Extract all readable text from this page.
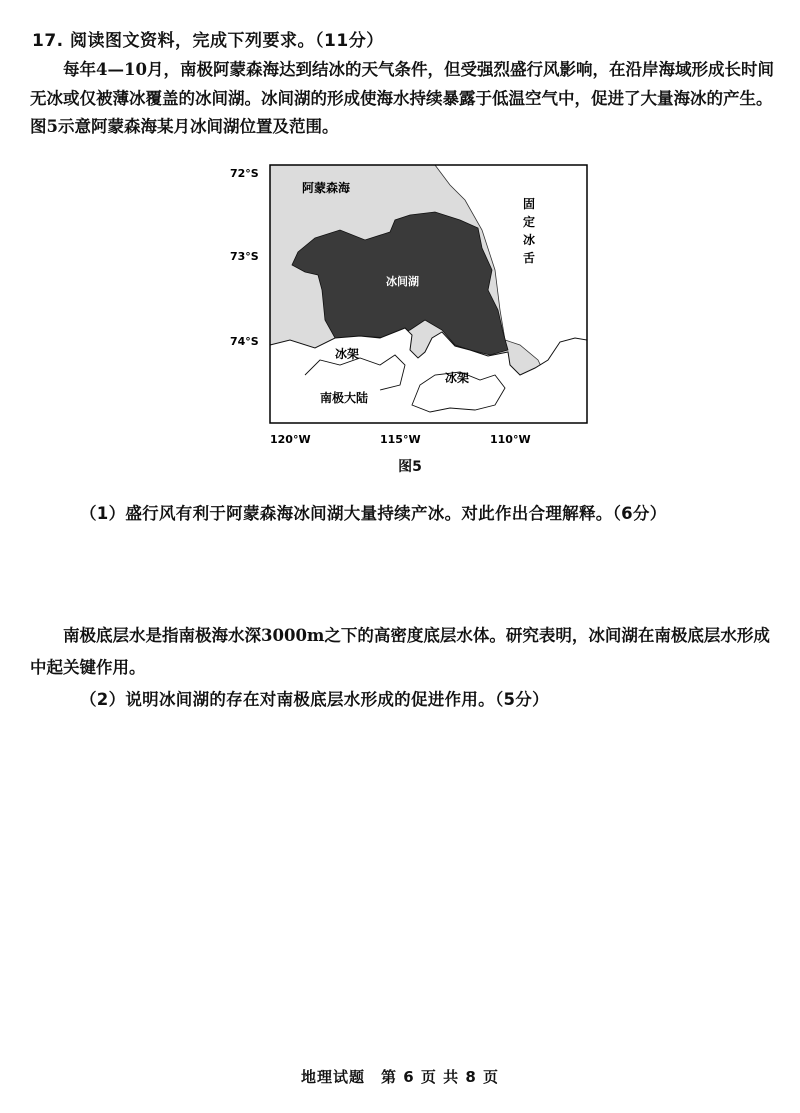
17. 阅读图文资料，完成下列要求。（11分）

每年4—10月，南极阿蒙森海达到结冰的天气条件，但受强烈盛行风影响，在沿岸海域形成长时间无冰或仅被薄冰覆盖的冰间湖。冰间湖的形成使海水持续暴露于低温空气中，促进了大量海冰的产生。图5示意阿蒙森海某月冰间湖位置及范围。

72°S
73°S
74°S
120°W	115°W	110°W
阿蒙森海
冰间湖
固
定
冰
舌
冰架
冰架
南极大陆
图5
（1）盛行风有利于阿蒙森海冰间湖大量持续产冰。对此作出合理解释。（6分）

南极底层水是指南极海水深3000m之下的高密度底层水体。研究表明，冰间湖在南极底层水形成中起关键作用。

（2）说明冰间湖的存在对南极底层水形成的促进作用。（5分）
地理试题　第 6 页 共 8 页
